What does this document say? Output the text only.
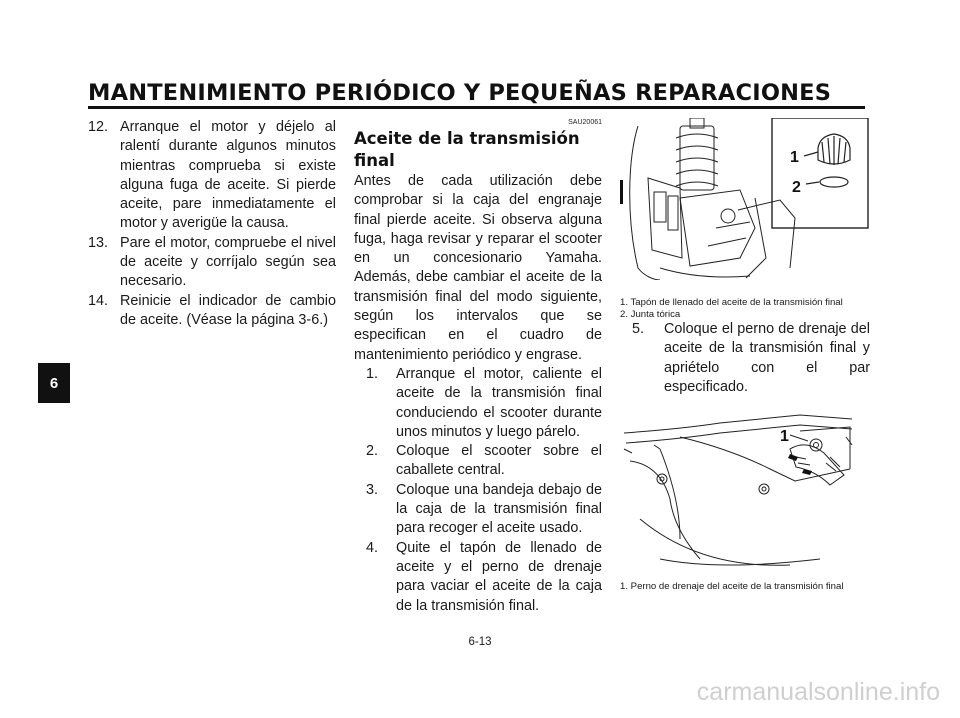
MANTENIMIENTO PERIÓDICO Y PEQUEÑAS REPARACIONES
6
12. Arranque el motor y déjelo al ralentí durante algunos minutos mientras comprueba si existe alguna fuga de aceite. Si pierde aceite, pare inmediatamente el motor y averigüe la causa.
13. Pare el motor, compruebe el nivel de aceite y corríjalo según sea necesario.
14. Reinicie el indicador de cambio de aceite. (Véase la página 3-6.)
SAU20061
Aceite de la transmisión final

Antes de cada utilización debe comprobar si la caja del engranaje final pierde aceite. Si observa alguna fuga, haga revisar y reparar el scooter en un concesionario Yamaha. Además, debe cambiar el aceite de la transmisión final del modo siguiente, según los intervalos que se especifican en el cuadro de mantenimiento periódico y engrase.

1. Arranque el motor, caliente el aceite de la transmisión final conduciendo el scooter durante unos minutos y luego párelo.
2. Coloque el scooter sobre el caballete central.
3. Coloque una bandeja debajo de la caja de la transmisión final para recoger el aceite usado.
4. Quite el tapón de llenado de aceite y el perno de drenaje para vaciar el aceite de la caja de la transmisión final.
1
2
1. Tapón de llenado del aceite de la transmisión final
2. Junta tórica
5. Coloque el perno de drenaje del aceite de la transmisión final y apriételo con el par especificado.
1
1. Perno de drenaje del aceite de la transmisión final
6-13
carmanualsonline.info
